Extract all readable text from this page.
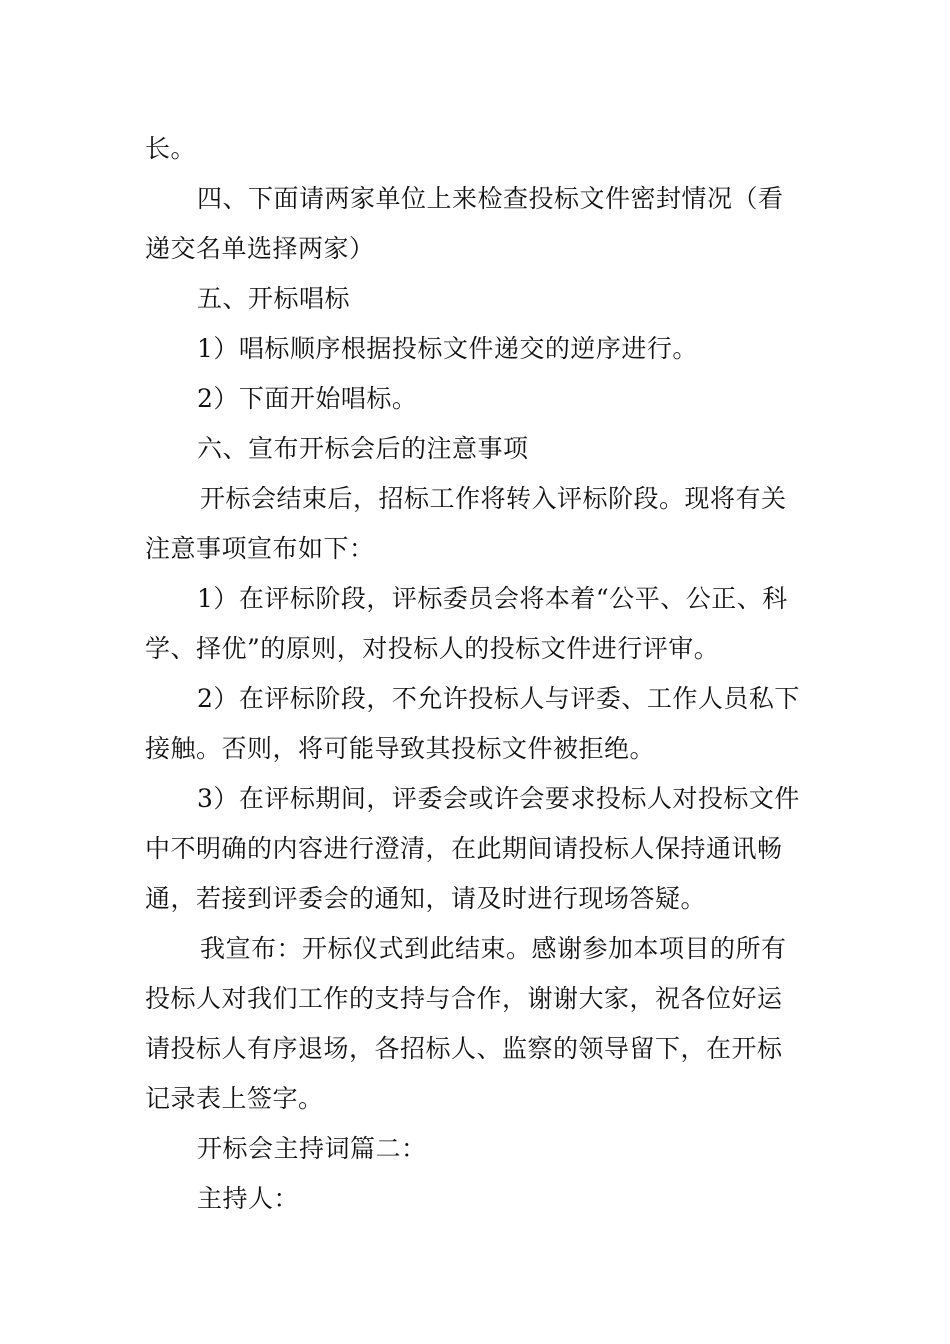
长。
四、下面请两家单位上来检查投标文件密封情况（看
递交名单选择两家）
五、开标唱标
1）唱标顺序根据投标文件递交的逆序进行。
2）下面开始唱标。
六、宣布开标会后的注意事项
开标会结束后，招标工作将转入评标阶段。现将有关
注意事项宣布如下：
1）在评标阶段，评标委员会将本着“公平、公正、科
学、择优”的原则，对投标人的投标文件进行评审。
2）在评标阶段，不允许投标人与评委、工作人员私下
接触。否则，将可能导致其投标文件被拒绝。
3）在评标期间，评委会或许会要求投标人对投标文件
中不明确的内容进行澄清，在此期间请投标人保持通讯畅
通，若接到评委会的通知，请及时进行现场答疑。
我宣布：开标仪式到此结束。感谢参加本项目的所有
投标人对我们工作的支持与合作，谢谢大家，祝各位好运
请投标人有序退场，各招标人、监察的领导留下，在开标
记录表上签字。
开标会主持词篇二：
主持人：
